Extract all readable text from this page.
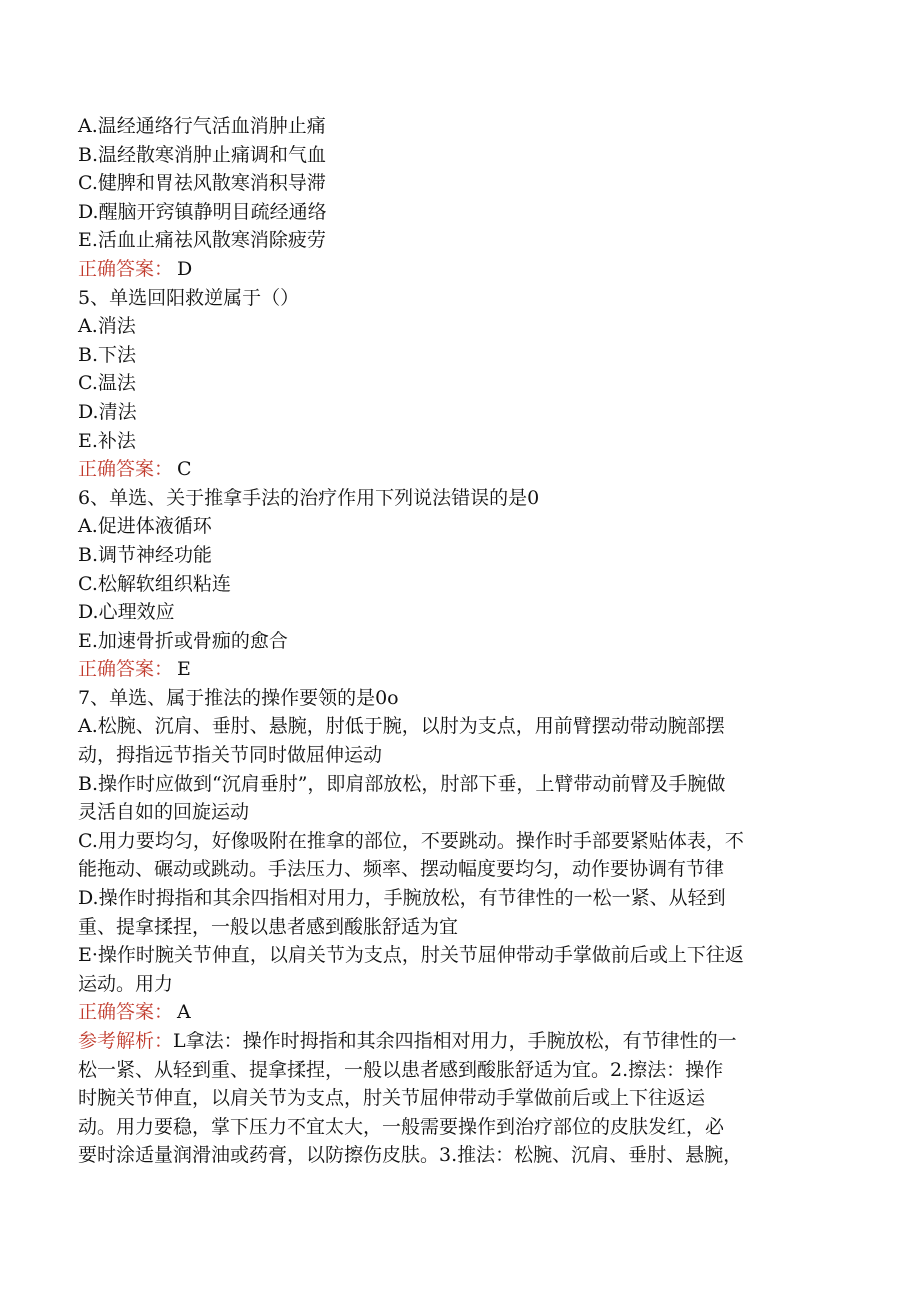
A.温经通络行气活血消肿止痛
B.温经散寒消肿止痛调和气血
C.健脾和胃祛风散寒消积导滞
D.醒脑开窍镇静明目疏经通络
E.活血止痛祛风散寒消除疲劳
正确答案： D
5、单选回阳救逆属于（）
A.消法
B.下法
C.温法
D.清法
E.补法
正确答案： C
6、单选、关于推拿手法的治疗作用下列说法错误的是0
A.促进体液循环
B.调节神经功能
C.松解软组织粘连
D.心理效应
E.加速骨折或骨痂的愈合
正确答案： E
7、单选、属于推法的操作要领的是0o
A.松腕、沉肩、垂肘、悬腕，肘低于腕，以肘为支点，用前臂摆动带动腕部摆
动，拇指远节指关节同时做屈伸运动
B.操作时应做到“沉肩垂肘”，即肩部放松，肘部下垂，上臂带动前臂及手腕做
灵活自如的回旋运动
C.用力要均匀，好像吸附在推拿的部位，不要跳动。操作时手部要紧贴体表，不
能拖动、碾动或跳动。手法压力、频率、摆动幅度要均匀，动作要协调有节律
D.操作时拇指和其余四指相对用力，手腕放松，有节律性的一松一紧、从轻到
重、提拿揉捏，一般以患者感到酸胀舒适为宜
E·操作时腕关节伸直，以肩关节为支点，肘关节屈伸带动手掌做前后或上下往返
运动。用力
正确答案： A
参考解析：L拿法：操作时拇指和其余四指相对用力，手腕放松，有节律性的一
松一紧、从轻到重、提拿揉捏，一般以患者感到酸胀舒适为宜。2.擦法：操作
时腕关节伸直，以肩关节为支点，肘关节屈伸带动手掌做前后或上下往返运
动。用力要稳，掌下压力不宜太大，一般需要操作到治疗部位的皮肤发红，必
要时涂适量润滑油或药膏，以防擦伤皮肤。3.推法：松腕、沉肩、垂肘、悬腕，
